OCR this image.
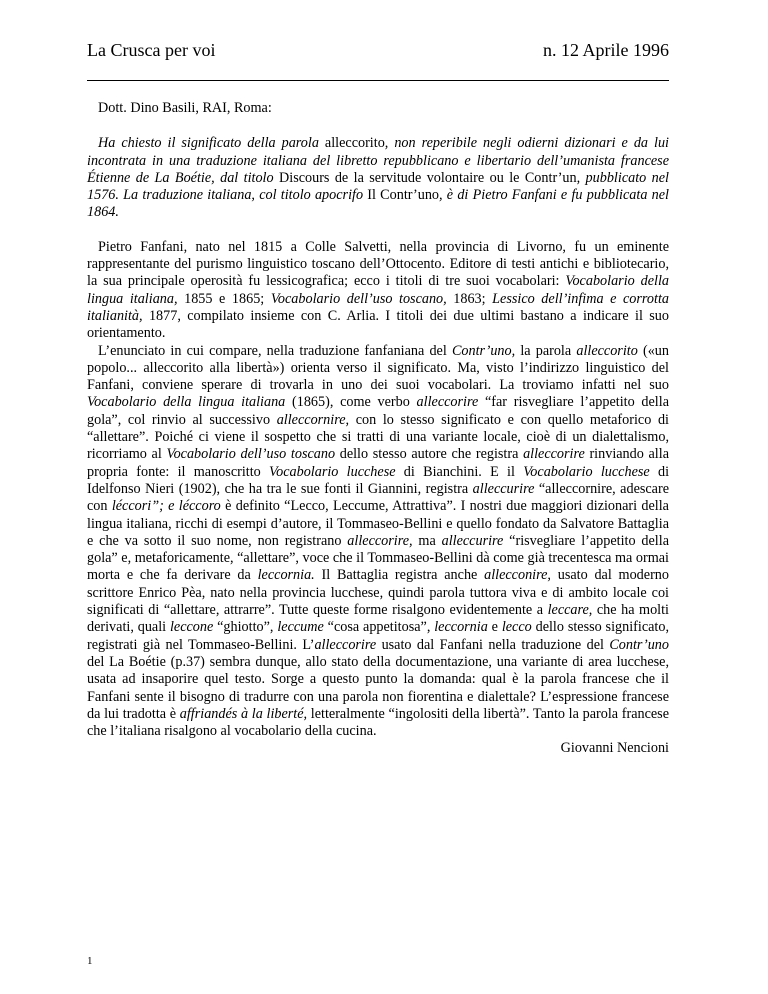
La Crusca per voi	n. 12 Aprile 1996

Dott. Dino Basili, RAI, Roma:

Ha chiesto il significato della parola alleccorito, non reperibile negli odierni dizionari e da lui incontrata in una traduzione italiana del libretto repubblicano e libertario dell’umanista francese Étienne de La Boétie, dal titolo Discours de la servitude volontaire ou le Contr’un, pubblicato nel 1576. La traduzione italiana, col titolo apocrifo Il Contr’uno, è di Pietro Fanfani e fu pubblicata nel 1864.

Pietro Fanfani, nato nel 1815 a Colle Salvetti, nella provincia di Livorno, fu un eminente rappresentante del purismo linguistico toscano dell’Ottocento. Editore di testi antichi e bibliotecario, la sua principale operosità fu lessicografica; ecco i titoli di tre suoi vocabolari: Vocabolario della lingua italiana, 1855 e 1865; Vocabolario dell’uso toscano, 1863; Lessico dell’infima e corrotta italianità, 1877, compilato insieme con C. Arlia. I titoli dei due ultimi bastano a indicare il suo orientamento.

L’enunciato in cui compare, nella traduzione fanfaniana del Contr’uno, la parola alleccorito («un popolo... alleccorito alla libertà») orienta verso il significato. Ma, visto l’indirizzo linguistico del Fanfani, conviene sperare di trovarla in uno dei suoi vocabolari. La troviamo infatti nel suo Vocabolario della lingua italiana (1865), come verbo alleccorire “far risvegliare l’appetito della gola”, col rinvio al successivo alleccornire, con lo stesso significato e con quello metaforico di “allettare”. Poiché ci viene il sospetto che si tratti di una variante locale, cioè di un dialettalismo, ricorriamo al Vocabolario dell’uso toscano dello stesso autore che registra alleccorire rinviando alla propria fonte: il manoscritto Vocabolario lucchese di Bianchini. E il Vocabolario lucchese di Idelfonso Nieri (1902), che ha tra le sue fonti il Giannini, registra alleccurire “alleccornire, adescare con léccori”; e léccoro è definito “Lecco, Leccume, Attrattiva”. I nostri due maggiori dizionari della lingua italiana, ricchi di esempi d’autore, il Tommaseo-Bellini e quello fondato da Salvatore Battaglia e che va sotto il suo nome, non registrano alleccorire, ma alleccurire “risvegliare l’appetito della gola” e, metaforicamente, “allettare”, voce che il Tommaseo-Bellini dà come già trecentesca ma ormai morta e che fa derivare da leccornia. Il Battaglia registra anche allecconire, usato dal moderno scrittore Enrico Pèa, nato nella provincia lucchese, quindi parola tuttora viva e di ambito locale coi significati di “allettare, attrarre”. Tutte queste forme risalgono evidentemente a leccare, che ha molti derivati, quali leccone “ghiotto”, leccume “cosa appetitosa”, leccornia e lecco dello stesso significato, registrati già nel Tommaseo-Bellini. L’alleccorire usato dal Fanfani nella traduzione del Contr’uno del La Boétie (p.37) sembra dunque, allo stato della documentazione, una variante di area lucchese, usata ad insaporire quel testo. Sorge a questo punto la domanda: qual è la parola francese che il Fanfani sente il bisogno di tradurre con una parola non fiorentina e dialettale? L’espressione francese da lui tradotta è affriandés à la liberté, letteralmente “ingolositi della libertà”. Tanto la parola francese che l’italiana risalgono al vocabolario della cucina.

Giovanni Nencioni

1
